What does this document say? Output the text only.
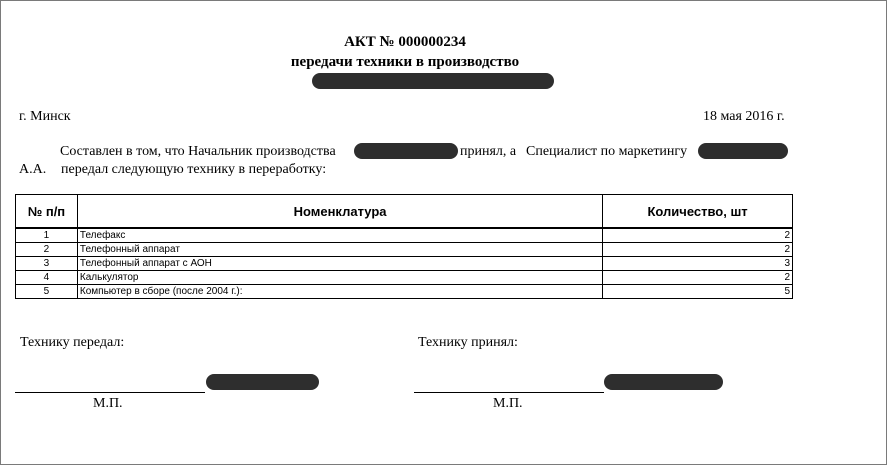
АКТ № 000000234
передачи техники в производство
г. Минск	18 мая 2016 г.
Составлен в том, что Начальник производства	принял, а Специалист по маркетингу
А.А. передал следующую технику в переработку:
№ п/п	Номенклатура	Количество, шт
1	Телефакс	2
2	Телефонный аппарат	2
3	Телефонный аппарат с АОН	3
4	Калькулятор	2
5	Компьютер в сборе (после 2004 г.):	5
Технику передал:	Технику принял:
М.П.	М.П.
